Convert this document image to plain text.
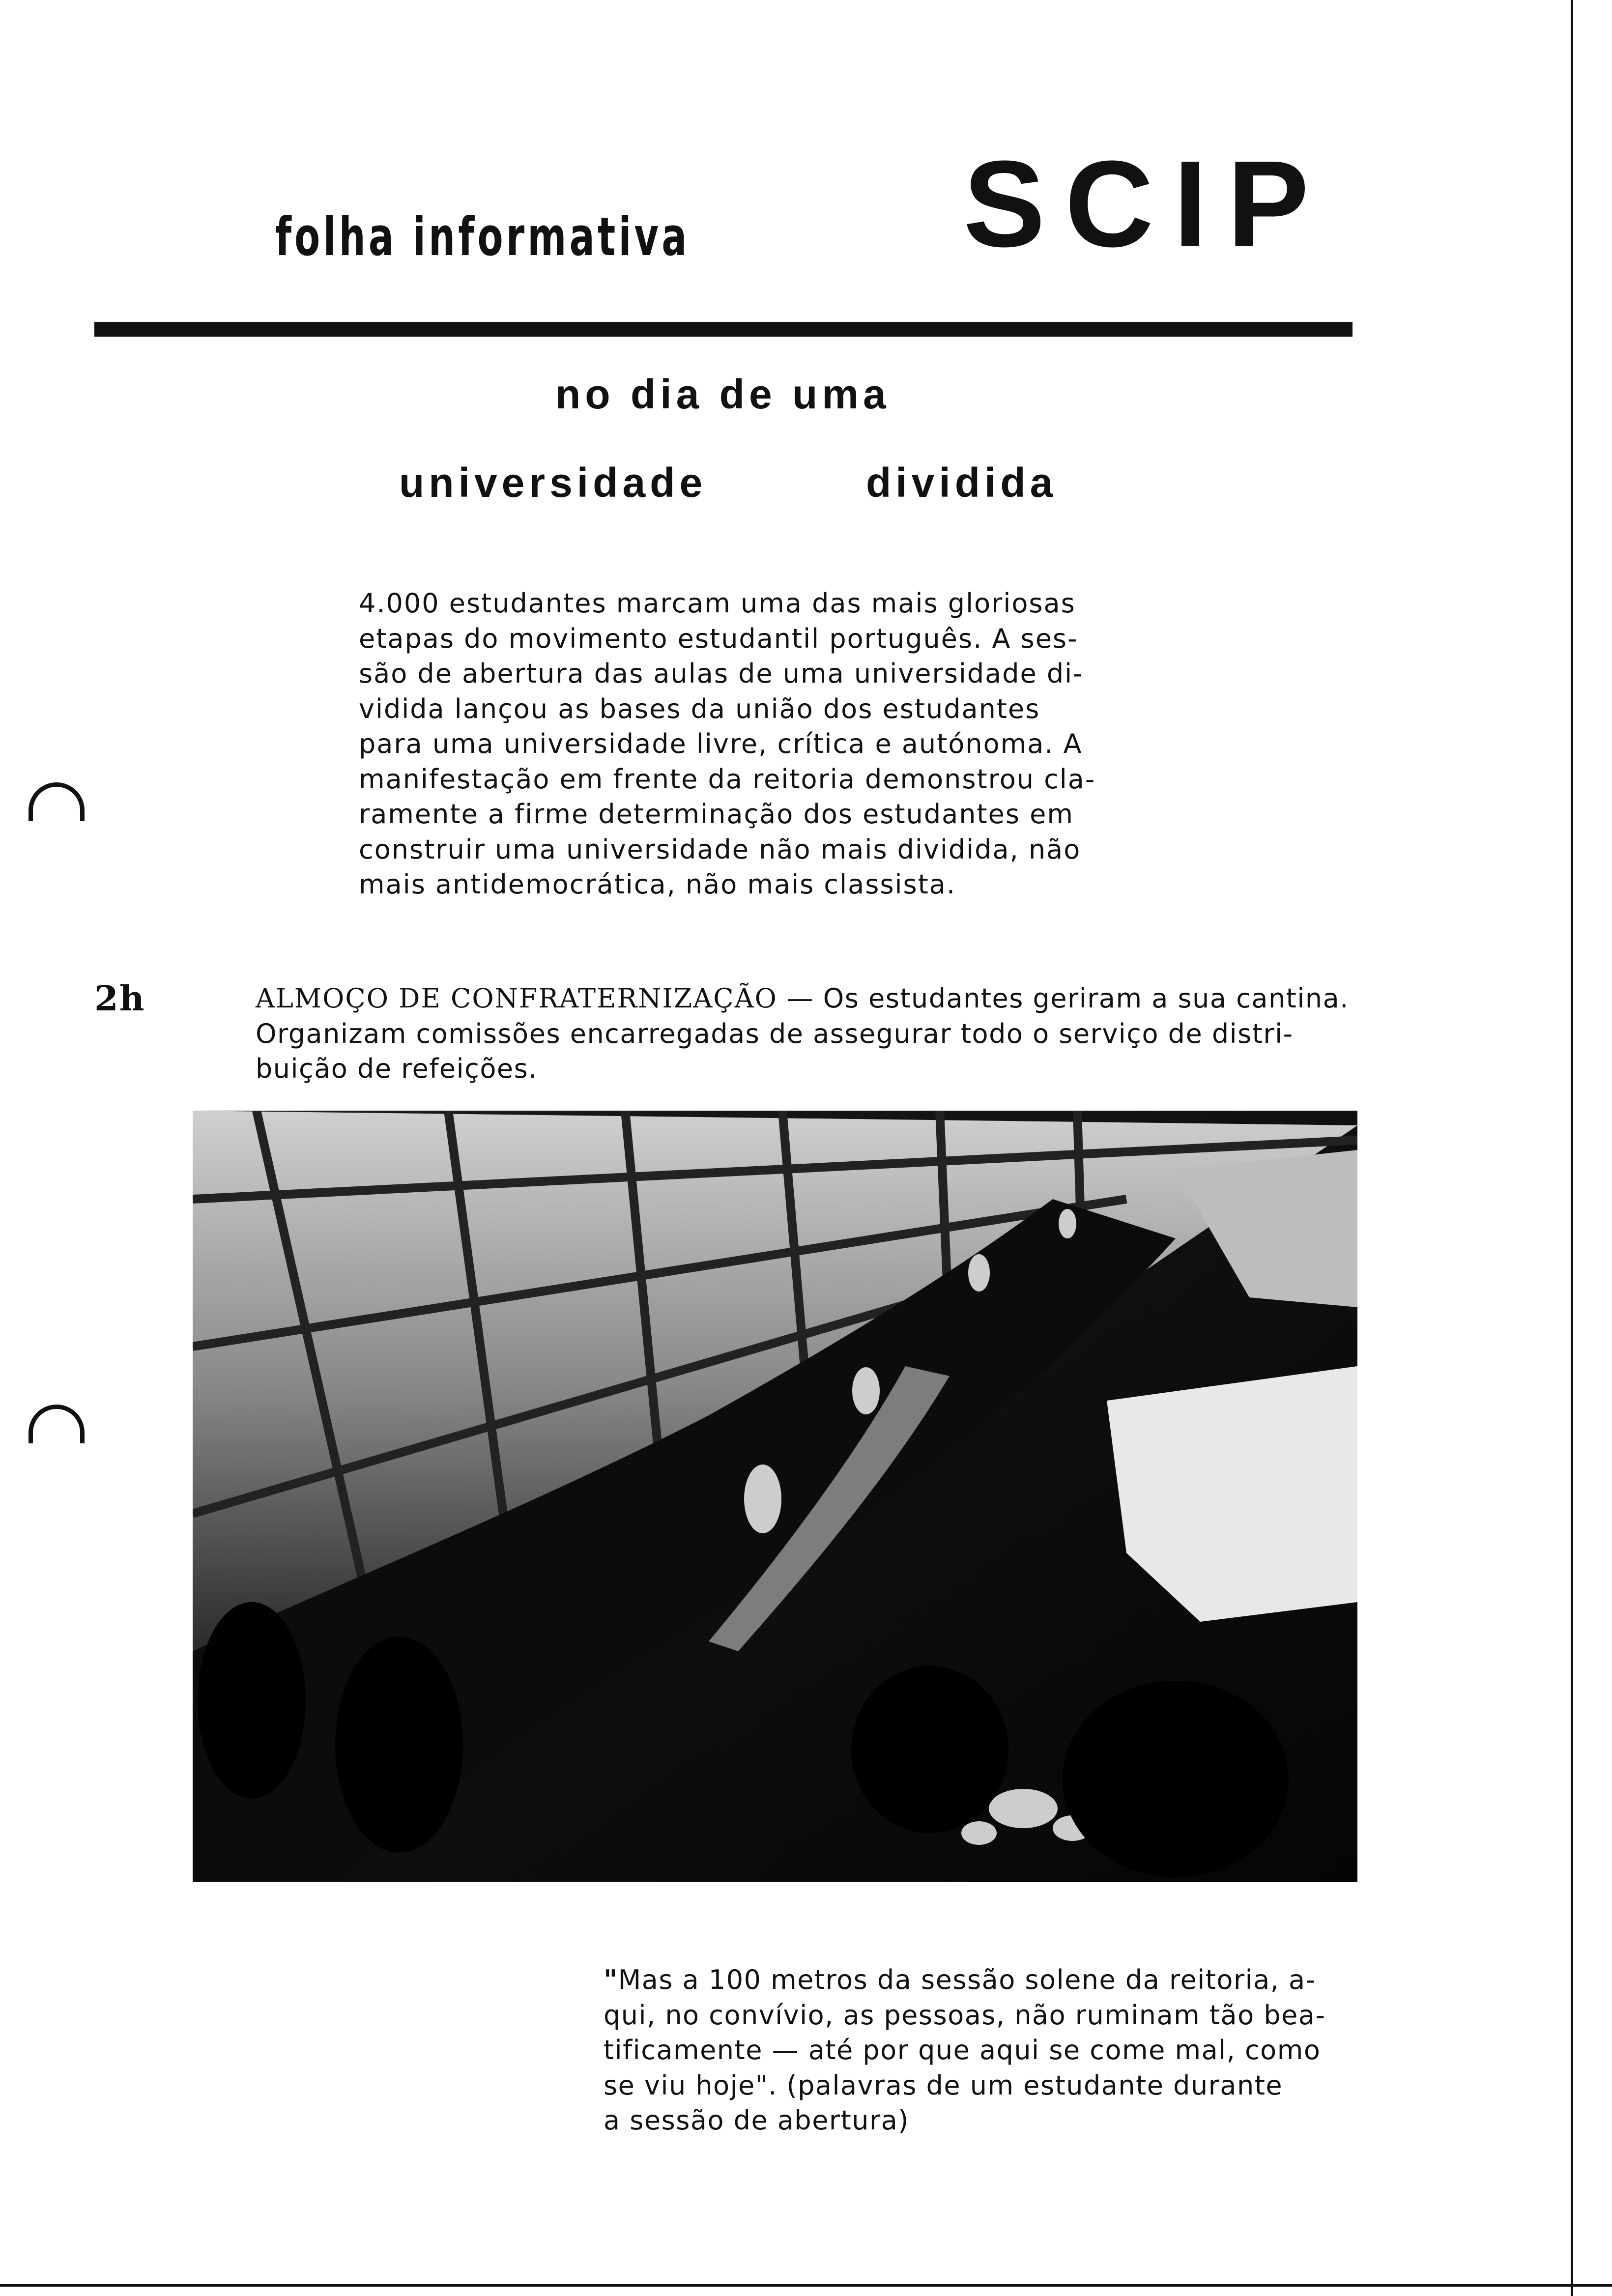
folha informativa SCIP
no dia de uma
universidade	dividida
4.000 estudantes marcam uma das mais gloriosas
etapas do movimento estudantil português. A ses-
são de abertura das aulas de uma universidade di-
vidida lançou as bases da união dos estudantes
para uma universidade livre, crítica e autónoma. A
manifestação em frente da reitoria demonstrou cla-
ramente a firme determinação dos estudantes em
construir uma universidade não mais dividida, não
mais antidemocrática, não mais classista.
2h	ALMOÇO DE CONFRATERNIZAÇÃO — Os estudantes geriram a sua cantina.
Organizam comissões encarregadas de assegurar todo o serviço de distri-
buição de refeições.
"Mas a 100 metros da sessão solene da reitoria, a-
qui, no convívio, as pessoas, não ruminam tão bea-
tificamente — até por que aqui se come mal, como
se viu hoje". (palavras de um estudante durante
a sessão de abertura)
